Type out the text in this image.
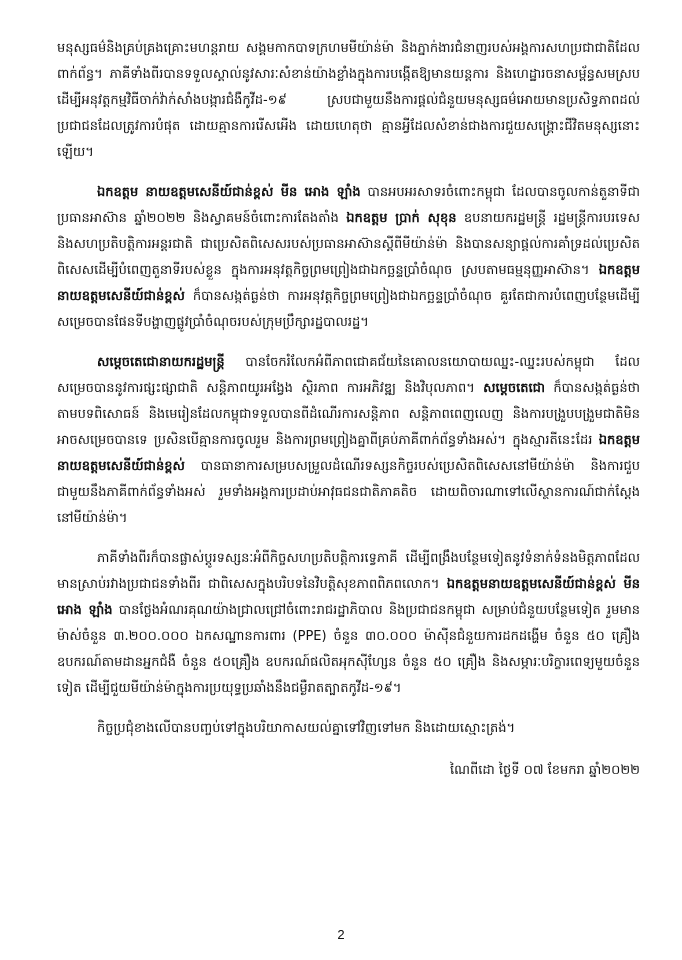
មនុស្សធម៌និងគ្រប់គ្រងគ្រោះមហន្តរាយ សង្គមកាកបាទក្រហមមីយ៉ាន់ម៉ា និងភ្នាក់ងារជំនាញរបស់អង្គការសហប្រជាជាតិដែលពាក់ព័ន្ធ។ ភាគីទាំងពីរបានទទួលស្គាល់នូវសារៈសំខាន់យ៉ាងខ្លាំងក្នុងការបង្កើតឱ្យមានយន្តការ និងហេដ្ឋារចនាសម្ព័ន្ធសមស្រប ដើម្បីអនុវត្តកម្មវិធីចាក់វ៉ាក់សាំងបង្ការជំងឺកូវីដ-១៩ ស្របជាមួយនឹងការផ្តល់ជំនួយមនុស្សធម៌អោយមានប្រសិទ្ធភាពដល់ប្រជាជនដែលត្រូវការបំផុត ដោយគ្មានការរើសអើង ដោយហេតុថា គ្មានអ្វីដែលសំខាន់ជាងការជួយសង្គ្រោះជីវិតមនុស្សនោះឡើយ។

ឯកឧត្តម នាយឧត្តមសេនីយ៍ជាន់ខ្ពស់ មីន អោង ឡាំង បានអបអរសាទរចំពោះកម្ពុជា ដែលបានចូលកាន់តួនាទីជាប្រធានអាស៊ាន ឆ្នាំ២០២២ និងស្វាគមន៍ចំពោះការតែងតាំង ឯកឧត្តម ប្រាក់ សុខុន ឧបនាយករដ្ឋមន្ត្រី រដ្ឋមន្ត្រីការបរទេស និងសហប្រតិបត្តិការអន្តរជាតិ ជាប្រេសិតពិសេសរបស់ប្រធានអាស៊ានស្តីពីមីយ៉ាន់ម៉ា និងបានសន្យាផ្តល់ការគាំទ្រដល់ប្រេសិតពិសេសដើម្បីបំពេញតួនាទីរបស់ខ្លួន ក្នុងការអនុវត្តកិច្ចព្រមព្រៀងជាឯកច្ឆន្ទប្រាំចំណុច ស្របតាមធម្មនុញ្ញអាស៊ាន។ ឯកឧត្តមនាយឧត្តមសេនីយ៍ជាន់ខ្ពស់ ក៏បានសង្កត់ធ្ងន់ថា ការអនុវត្តកិច្ចព្រមព្រៀងជាឯកច្ឆន្ទប្រាំចំណុច គួរតែជាការបំពេញបន្ថែមដើម្បីសម្រេចបានផែនទីបង្ហាញផ្លូវប្រាំចំណុចរបស់ក្រុមប្រឹក្សារដ្ឋបាលរដ្ឋ។

សម្តេចតេជោនាយករដ្ឋមន្ត្រី បានចែករំលែកអំពីភាពជោគជ័យនៃគោលនយោបាយឈ្នះ-ឈ្នះរបស់កម្ពុជា ដែលសម្រេចបាននូវការផ្សះផ្សាជាតិ សន្តិភាពយូរអង្វែង ស្ថិរភាព ការអភិវឌ្ឍ និងវិបុលភាព។ សម្តេចតេជោ ក៏បានសង្កត់ធ្ងន់ថា តាមបទពិសោធន៍ និងមេរៀនដែលកម្ពុជាទទួលបានពីដំណើរការសន្តិភាព សន្តិភាពពេញលេញ និងការបង្រួបបង្រួមជាតិមិនអាចសម្រេចបានទេ ប្រសិនបើគ្មានការចូលរួម និងការព្រមព្រៀងគ្នាពីគ្រប់ភាគីពាក់ព័ន្ធទាំងអស់។ ក្នុងស្មារតីនេះដែរ ឯកឧត្តមនាយឧត្តមសេនីយ៍ជាន់ខ្ពស់ បានធានាការសម្របសម្រួលដំណើរទស្សនកិច្ចរបស់ប្រេសិតពិសេសនៅមីយ៉ាន់ម៉ា និងការជួបជាមួយនឹងភាគីពាក់ព័ន្ធទាំងអស់ រួមទាំងអង្គការប្រដាប់អាវុធជនជាតិភាគតិច ដោយពិចារណាទៅលើស្ថានការណ៍ជាក់ស្តែងនៅមីយ៉ាន់ម៉ា។

ភាគីទាំងពីរក៏បានផ្លាស់ប្តូរទស្សនៈអំពីកិច្ចសហប្រតិបត្តិការទ្វេភាគី ដើម្បីពង្រឹងបន្ថែមទៀតនូវទំនាក់ទំនងមិត្តភាពដែលមានស្រាប់រវាងប្រជាជនទាំងពីរ ជាពិសេសក្នុងបរិបទនៃវិបត្តិសុខភាពពិភពលោក។ ឯកឧត្តមនាយឧត្តមសេនីយ៍ជាន់ខ្ពស់ មីន អោង ឡាំង បានថ្លែងអំណរគុណយ៉ាងជ្រាលជ្រៅចំពោះរាជរដ្ឋាភិបាល និងប្រជាជនកម្ពុជា សម្រាប់ជំនួយបន្ថែមទៀត រួមមាន ម៉ាស់ចំនួន ៣.២០០.០០០ ឯកសណ្ឋានការពារ (PPE) ចំនួន ៣០.០០០ ម៉ាស៊ីនជំនួយការដកដង្ហើម ចំនួន ៥០ គ្រឿង ឧបករណ៍តាមដានអ្នកជំងឺ ចំនួន ៥០គ្រឿង ឧបករណ៍ផលិតអុកស៊ីហ្សែន ចំនួន ៥០ គ្រឿង និងសម្ភារៈបរិក្ខារពេទ្យមួយចំនួនទៀត ដើម្បីជួយមីយ៉ាន់ម៉ាក្នុងការប្រយុទ្ធប្រឆាំងនឹងជម្ងឺរាតត្បាតកូវីដ-១៩។

កិច្ចប្រជុំខាងលើបានបញ្ចប់ទៅក្នុងបរិយាកាសយល់គ្នាទៅវិញទៅមក និងដោយស្មោះត្រង់។

ណៃពីដោ ថ្ងៃទី ០៧ ខែមករា ឆ្នាំ២០២២
2
